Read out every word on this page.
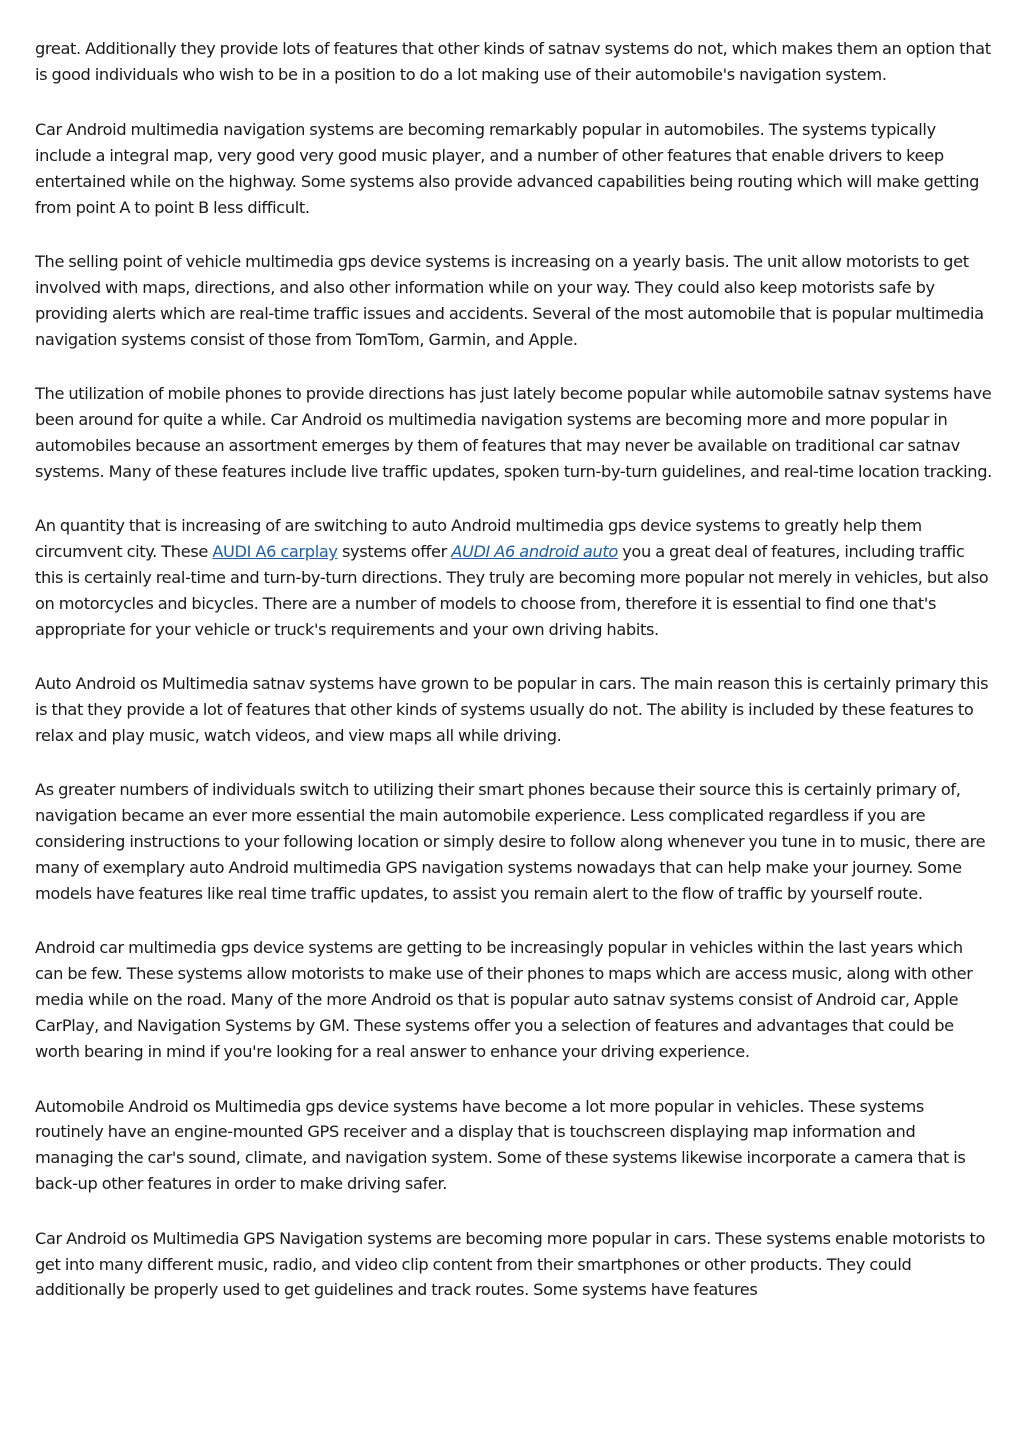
great. Additionally they provide lots of features that other kinds of satnav systems do not, which makes them an option that is good individuals who wish to be in a position to do a lot making use of their automobile's navigation system.

Car Android multimedia navigation systems are becoming remarkably popular in automobiles. The systems typically include a integral map, very good very good music player, and a number of other features that enable drivers to keep entertained while on the highway. Some systems also provide advanced capabilities being routing which will make getting from point A to point B less difficult.

The selling point of vehicle multimedia gps device systems is increasing on a yearly basis. The unit allow motorists to get involved with maps, directions, and also other information while on your way. They could also keep motorists safe by providing alerts which are real-time traffic issues and accidents. Several of the most automobile that is popular multimedia navigation systems consist of those from TomTom, Garmin, and Apple.

The utilization of mobile phones to provide directions has just lately become popular while automobile satnav systems have been around for quite a while. Car Android os multimedia navigation systems are becoming more and more popular in automobiles because an assortment emerges by them of features that may never be available on traditional car satnav systems. Many of these features include live traffic updates, spoken turn-by-turn guidelines, and real-time location tracking.

An quantity that is increasing of are switching to auto Android multimedia gps device systems to greatly help them circumvent city. These AUDI A6 carplay systems offer AUDI A6 android auto you a great deal of features, including traffic this is certainly real-time and turn-by-turn directions. They truly are becoming more popular not merely in vehicles, but also on motorcycles and bicycles. There are a number of models to choose from, therefore it is essential to find one that's appropriate for your vehicle or truck's requirements and your own driving habits.

Auto Android os Multimedia satnav systems have grown to be popular in cars. The main reason this is certainly primary this is that they provide a lot of features that other kinds of systems usually do not. The ability is included by these features to relax and play music, watch videos, and view maps all while driving.

As greater numbers of individuals switch to utilizing their smart phones because their source this is certainly primary of, navigation became an ever more essential the main automobile experience. Less complicated regardless if you are considering instructions to your following location or simply desire to follow along whenever you tune in to music, there are many of exemplary auto Android multimedia GPS navigation systems nowadays that can help make your journey. Some models have features like real time traffic updates, to assist you remain alert to the flow of traffic by yourself route.

Android car multimedia gps device systems are getting to be increasingly popular in vehicles within the last years which can be few. These systems allow motorists to make use of their phones to maps which are access music, along with other media while on the road. Many of the more Android os that is popular auto satnav systems consist of Android car, Apple CarPlay, and Navigation Systems by GM. These systems offer you a selection of features and advantages that could be worth bearing in mind if you're looking for a real answer to enhance your driving experience.

Automobile Android os Multimedia gps device systems have become a lot more popular in vehicles. These systems routinely have an engine-mounted GPS receiver and a display that is touchscreen displaying map information and managing the car's sound, climate, and navigation system. Some of these systems likewise incorporate a camera that is back-up other features in order to make driving safer.

Car Android os Multimedia GPS Navigation systems are becoming more popular in cars. These systems enable motorists to get into many different music, radio, and video clip content from their smartphones or other products. They could additionally be properly used to get guidelines and track routes. Some systems have features
